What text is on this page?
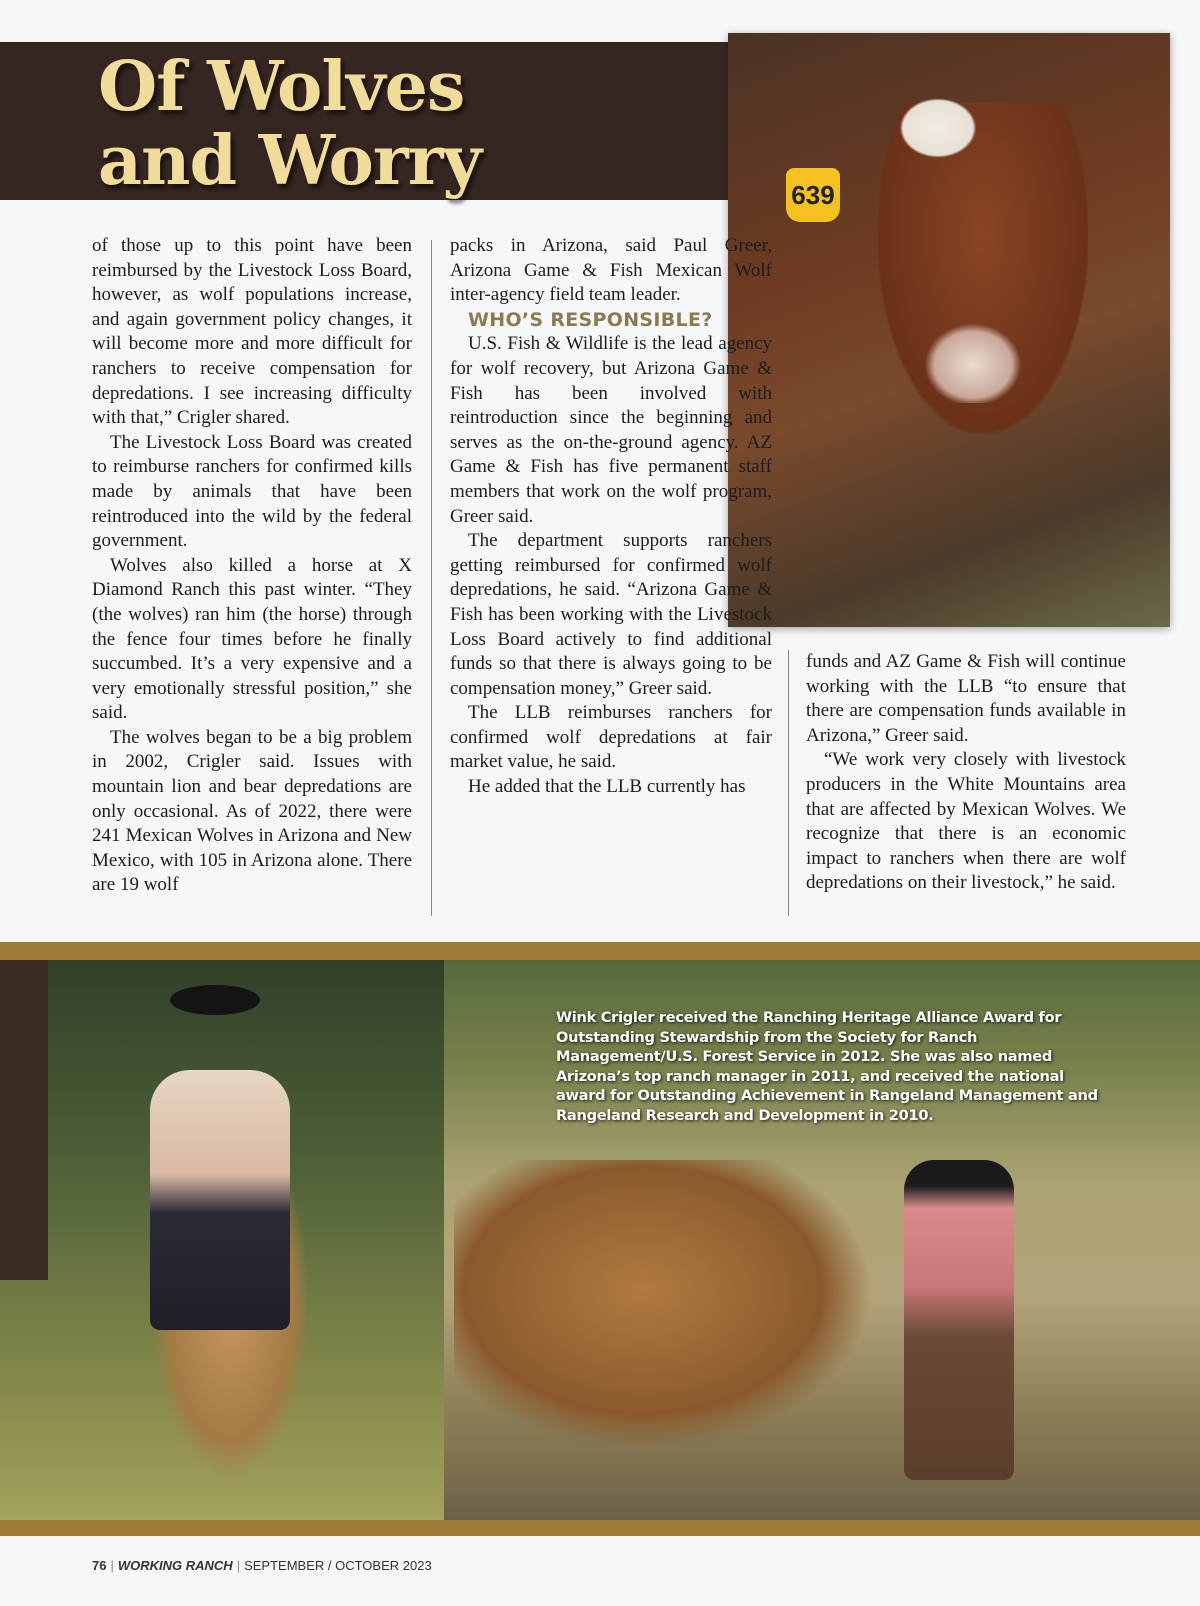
Of Wolves
and Worry	639

of those up to this point have been reimbursed by the Livestock Loss Board, however, as wolf populations increase, and again government policy changes, it will become more and more difficult for ranchers to receive compensation for depredations. I see increasing difficulty with that,” Crigler shared.

The Livestock Loss Board was created to reimburse ranchers for confirmed kills made by animals that have been reintroduced into the wild by the federal government.

Wolves also killed a horse at X Diamond Ranch this past winter. “They (the wolves) ran him (the horse) through the fence four times before he finally succumbed. It’s a very expensive and a very emotionally stressful position,” she said.

The wolves began to be a big problem in 2002, Crigler said. Issues with mountain lion and bear depredations are only occasional. As of 2022, there were 241 Mexican Wolves in Arizona and New Mexico, with 105 in Arizona alone. There are 19 wolf

packs in Arizona, said Paul Greer, Arizona Game & Fish Mexican Wolf inter-agency field team leader.

WHO’S RESPONSIBLE?

U.S. Fish & Wildlife is the lead agency for wolf recovery, but Arizona Game & Fish has been involved with reintroduction since the beginning and serves as the on-the-ground agency. AZ Game & Fish has five permanent staff members that work on the wolf program, Greer said.

The department supports ranchers getting reimbursed for confirmed wolf depredations, he said. “Arizona Game & Fish has been working with the Livestock Loss Board actively to find additional funds so that there is always going to be compensation money,” Greer said.

The LLB reimburses ranchers for confirmed wolf depredations at fair market value, he said.

He added that the LLB currently has

funds and AZ Game & Fish will continue working with the LLB “to ensure that there are compensation funds available in Arizona,” Greer said.

“We work very closely with livestock producers in the White Mountains area that are affected by Mexican Wolves. We recognize that there is an economic impact to ranchers when there are wolf depredations on their livestock,” he said.

Wink Crigler received the Ranching Heritage Alliance Award for Outstanding Stewardship from the Society for Ranch Management/U.S. Forest Service in 2012. She was also named Arizona’s top ranch manager in 2011, and received the national award for Outstanding Achievement in Rangeland Management and Rangeland Research and Development in 2010.

76 | WORKING RANCH | SEPTEMBER / OCTOBER 2023
